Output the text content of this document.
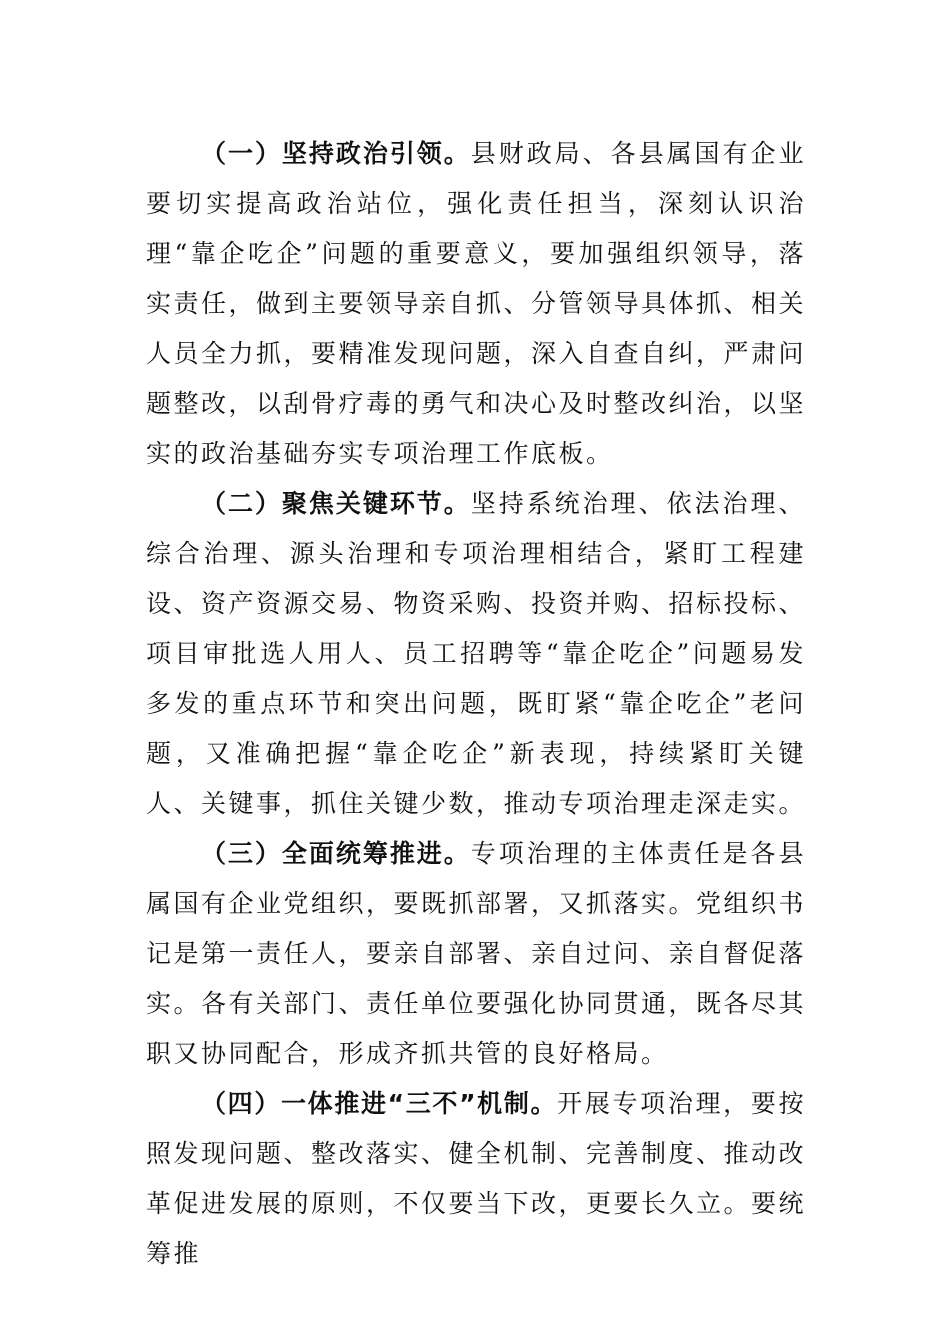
（一）坚持政治引领。县财政局、各县属国有企业要切实提高政治站位，强化责任担当，深刻认识治理“靠企吃企”问题的重要意义，要加强组织领导，落实责任，做到主要领导亲自抓、分管领导具体抓、相关人员全力抓，要精准发现问题，深入自查自纠，严肃问题整改，以刮骨疗毒的勇气和决心及时整改纠治，以坚实的政治基础夯实专项治理工作底板。

（二）聚焦关键环节。坚持系统治理、依法治理、综合治理、源头治理和专项治理相结合，紧盯工程建设、资产资源交易、物资采购、投资并购、招标投标、项目审批选人用人、员工招聘等“靠企吃企”问题易发多发的重点环节和突出问题，既盯紧“靠企吃企”老问题，又准确把握“靠企吃企”新表现，持续紧盯关键人、关键事，抓住关键少数，推动专项治理走深走实。

（三）全面统筹推进。专项治理的主体责任是各县属国有企业党组织，要既抓部署，又抓落实。党组织书记是第一责任人，要亲自部署、亲自过问、亲自督促落实。各有关部门、责任单位要强化协同贯通，既各尽其职又协同配合，形成齐抓共管的良好格局。

（四）一体推进“三不”机制。开展专项治理，要按照发现问题、整改落实、健全机制、完善制度、推动改革促进发展的原则，不仅要当下改，更要长久立。要统筹推
